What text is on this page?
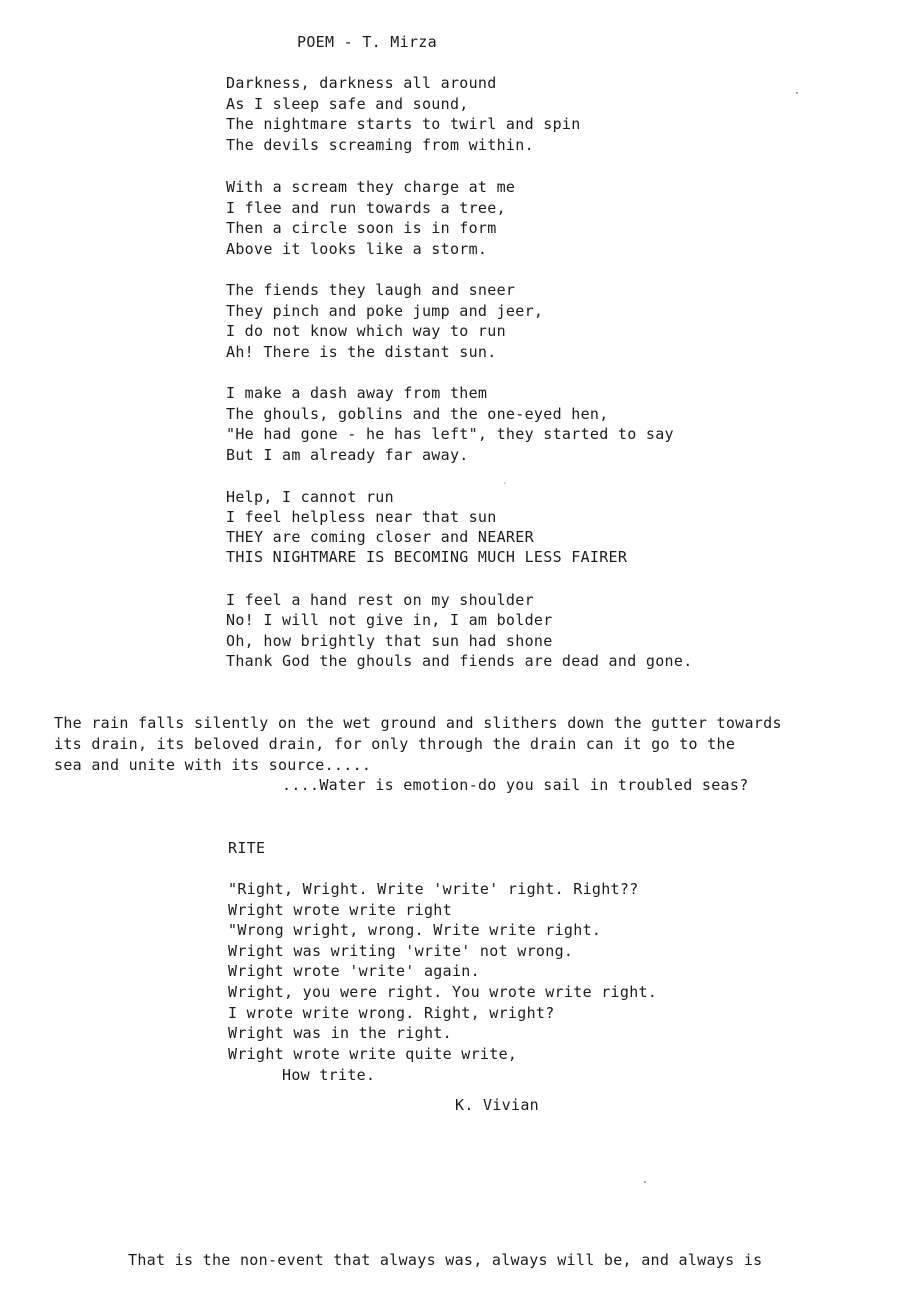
POEM - T. Mirza

Darkness, darkness all around

As I sleep safe and sound,

The nightmare starts to twirl and spin

The devils screaming from within.

With a scream they charge at me

I flee and run towards a tree,

Then a circle soon is in form

Above it looks like a storm.

The fiends they laugh and sneer

They pinch and poke jump and jeer,

I do not know which way to run

Ah! There is the distant sun.

I make a dash away from them

The ghouls, goblins and the one-eyed hen,

"He had gone - he has left", they started to say

But I am already far away.

Help, I cannot run

I feel helpless near that sun

THEY are coming closer and NEARER

THIS NIGHTMARE IS BECOMING MUCH LESS FAIRER

I feel a hand rest on my shoulder

No! I will not give in, I am bolder

Oh, how brightly that sun had shone

Thank God the ghouls and fiends are dead and gone.

The rain falls silently on the wet ground and slithers down the gutter towards

its drain, its beloved drain, for only through the drain can it go to the

sea and unite with its source.....

....Water is emotion-do you sail in troubled seas?

RITE

"Right, Wright. Write 'write' right. Right??

Wright wrote write right

"Wrong wright, wrong. Write write right.

Wright was writing 'write' not wrong.

Wright wrote 'write' again.

Wright, you were right. You wrote write right.

I wrote write wrong. Right, wright?

Wright was in the right.

Wright wrote write quite write,

How trite.

K. Vivian

That is the non-event that always was, always will be, and always is
